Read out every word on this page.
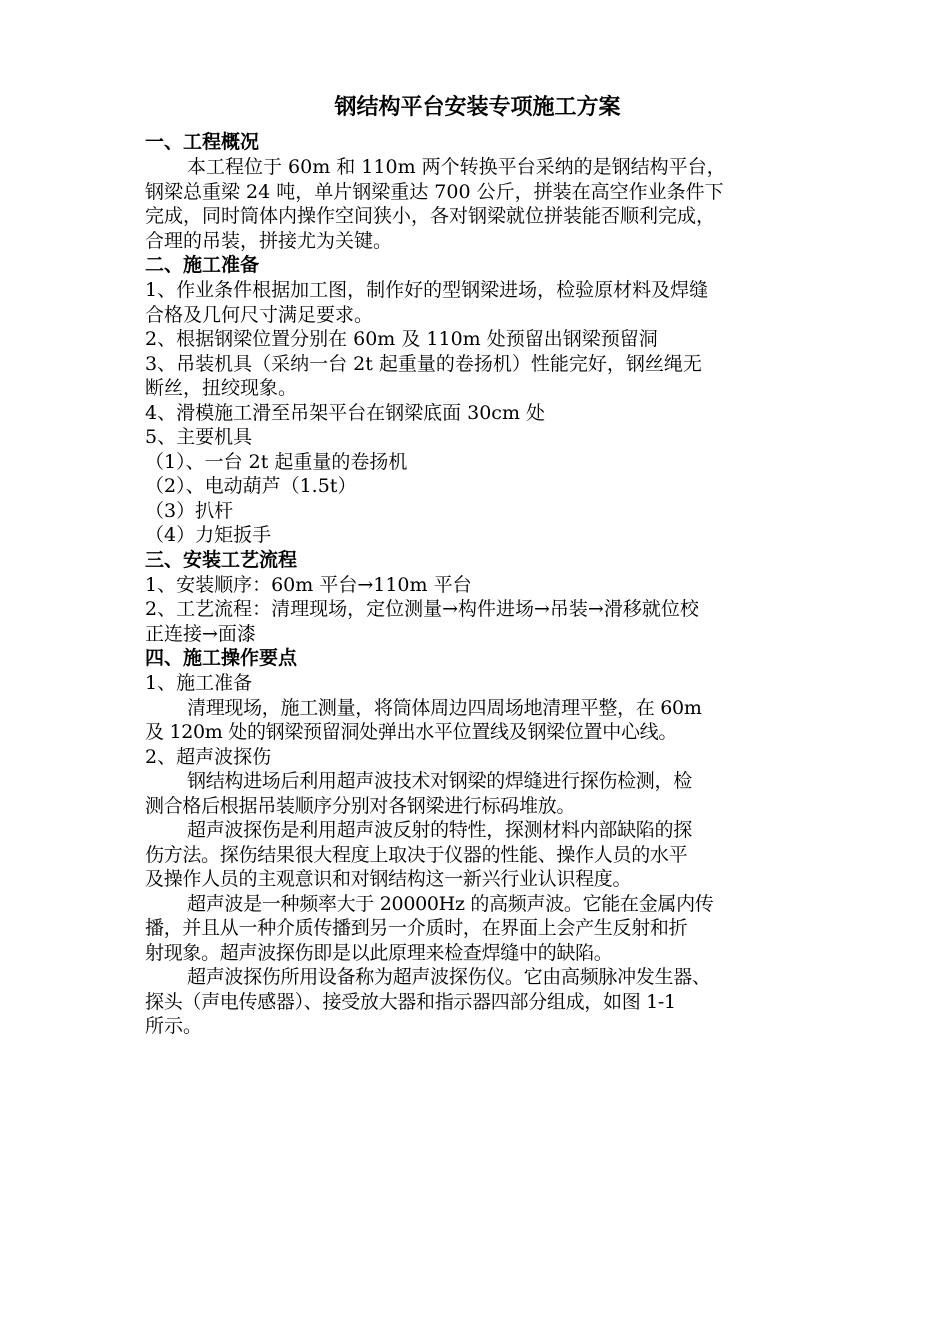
钢结构平台安装专项施工方案
一、工程概况
本工程位于 60m 和 110m 两个转换平台采纳的是钢结构平台，
钢梁总重梁 24 吨，单片钢梁重达 700 公斤，拼装在高空作业条件下
完成，同时筒体内操作空间狭小，各对钢梁就位拼装能否顺利完成，
合理的吊装，拼接尤为关键。
二、施工准备
1、作业条件根据加工图，制作好的型钢梁进场，检验原材料及焊缝
合格及几何尺寸满足要求。
2、根据钢梁位置分别在 60m 及 110m 处预留出钢梁预留洞
3、吊装机具（采纳一台 2t 起重量的卷扬机）性能完好，钢丝绳无
断丝，扭绞现象。
4、滑模施工滑至吊架平台在钢梁底面 30cm 处
5、主要机具
（1）、一台 2t 起重量的卷扬机
（2）、电动葫芦（1.5t）
（3）扒杆
（4）力矩扳手
三、安装工艺流程
1、安装顺序：60m 平台→110m 平台
2、工艺流程：清理现场，定位测量→构件进场→吊装→滑移就位校
正连接→面漆
四、施工操作要点
1、施工准备
清理现场，施工测量，将筒体周边四周场地清理平整，在 60m
及 120m 处的钢梁预留洞处弹出水平位置线及钢梁位置中心线。
2、超声波探伤
钢结构进场后利用超声波技术对钢梁的焊缝进行探伤检测，检
测合格后根据吊装顺序分别对各钢梁进行标码堆放。
超声波探伤是利用超声波反射的特性，探测材料内部缺陷的探
伤方法。探伤结果很大程度上取决于仪器的性能、操作人员的水平
及操作人员的主观意识和对钢结构这一新兴行业认识程度。
超声波是一种频率大于 20000Hz 的高频声波。它能在金属内传
播，并且从一种介质传播到另一介质时，在界面上会产生反射和折
射现象。超声波探伤即是以此原理来检查焊缝中的缺陷。
超声波探伤所用设备称为超声波探伤仪。它由高频脉冲发生器、
探头（声电传感器）、接受放大器和指示器四部分组成，如图 1-1
所示。
